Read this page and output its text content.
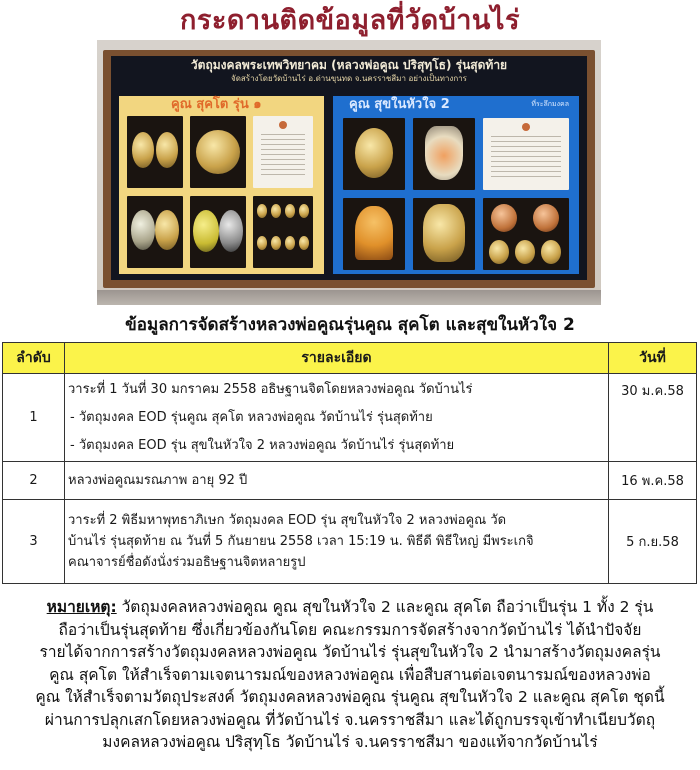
กระดานติดข้อมูลที่วัดบ้านไร่
วัตถุมงคลพระเทพวิทยาคม (หลวงพ่อคูณ ปริสุทฺโธ) รุ่นสุดท้าย
จัดสร้างโดยวัดบ้านไร่ อ.ด่านขุนทด จ.นครราชสีมา อย่างเป็นทางการ
คูณ สุคโต รุ่น ๑	คูณ สุขในหัวใจ 2	ที่ระลึกมงคล
ข้อมูลการจัดสร้างหลวงพ่อคูณรุ่นคูณ สุคโต และสุขในหัวใจ 2
ลำดับ	รายละเอียด	วันที่
1	วาระที่ 1 วันที่ 30 มกราคม 2558 อธิษฐานจิตโดยหลวงพ่อคูณ วัดบ้านไร่
- วัตถุมงคล EOD รุ่นคูณ สุคโต หลวงพ่อคูณ วัดบ้านไร่ รุ่นสุดท้าย
- วัตถุมงคล EOD รุ่น สุขในหัวใจ 2 หลวงพ่อคูณ วัดบ้านไร่ รุ่นสุดท้าย	30 ม.ค.58
2	หลวงพ่อคูณมรณภาพ อายุ 92 ปี	16 พ.ค.58
3	วาระที่ 2 พิธีมหาพุทธาภิเษก วัตถุมงคล EOD รุ่น สุขในหัวใจ 2 หลวงพ่อคูณ วัด
บ้านไร่ รุ่นสุดท้าย ณ วันที่ 5 กันยายน 2558 เวลา 15:19 น. พิธีดี พิธีใหญ่ มีพระเกจิ
คณาจารย์ชื่อดังนั่งร่วมอธิษฐานจิตหลายรูป	5 ก.ย.58
หมายเหตุ: วัตถุมงคลหลวงพ่อคูณ คูณ สุขในหัวใจ 2 และคูณ สุคโต ถือว่าเป็นรุ่น 1 ทั้ง 2 รุ่น
ถือว่าเป็นรุ่นสุดท้าย ซึ่งเกี่ยวข้องกันโดย คณะกรรมการจัดสร้างจากวัดบ้านไร่ ได้นำปัจจัย
รายได้จากการสร้างวัตถุมงคลหลวงพ่อคูณ วัดบ้านไร่ รุ่นสุขในหัวใจ 2 นำมาสร้างวัตถุมงคลรุ่น
คูณ สุคโต ให้สำเร็จตามเจตนารมณ์ของหลวงพ่อคูณ เพื่อสืบสานต่อเจตนารมณ์ของหลวงพ่อ
คูณ ให้สำเร็จตามวัตถุประสงค์ วัตถุมงคลหลวงพ่อคูณ รุ่นคูณ สุขในหัวใจ 2 และคูณ สุคโต ชุดนี้
ผ่านการปลุกเสกโดยหลวงพ่อคูณ ที่วัดบ้านไร่ จ.นครราชสีมา และได้ถูกบรรจุเข้าทำเนียบวัตถุ
มงคลหลวงพ่อคูณ ปริสุทฺโธ วัดบ้านไร่ จ.นครราชสีมา ของแท้จากวัดบ้านไร่
